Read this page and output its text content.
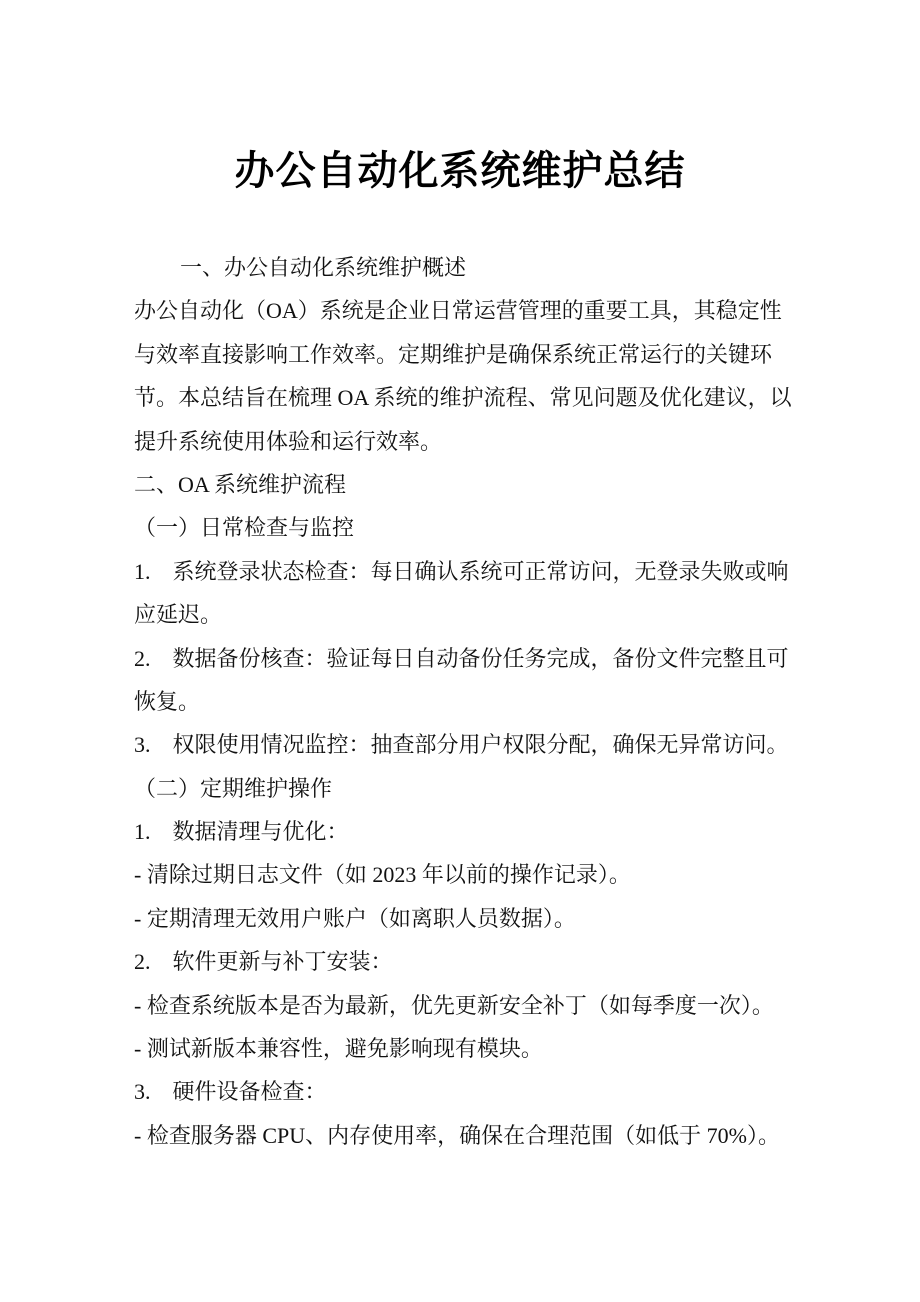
办公自动化系统维护总结
一、办公自动化系统维护概述
办公自动化（OA）系统是企业日常运营管理的重要工具，其稳定性
与效率直接影响工作效率。定期维护是确保系统正常运行的关键环
节。本总结旨在梳理 OA 系统的维护流程、常见问题及优化建议，以
提升系统使用体验和运行效率。
二、OA 系统维护流程
（一）日常检查与监控
1.　系统登录状态检查：每日确认系统可正常访问，无登录失败或响
应延迟。
2.　数据备份核查：验证每日自动备份任务完成，备份文件完整且可
恢复。
3.　权限使用情况监控：抽查部分用户权限分配，确保无异常访问。
（二）定期维护操作
1.　数据清理与优化：
- 清除过期日志文件（如 2023 年以前的操作记录）。
- 定期清理无效用户账户（如离职人员数据）。
2.　软件更新与补丁安装：
- 检查系统版本是否为最新，优先更新安全补丁（如每季度一次）。
- 测试新版本兼容性，避免影响现有模块。
3.　硬件设备检查：
- 检查服务器 CPU、内存使用率，确保在合理范围（如低于 70%）。
